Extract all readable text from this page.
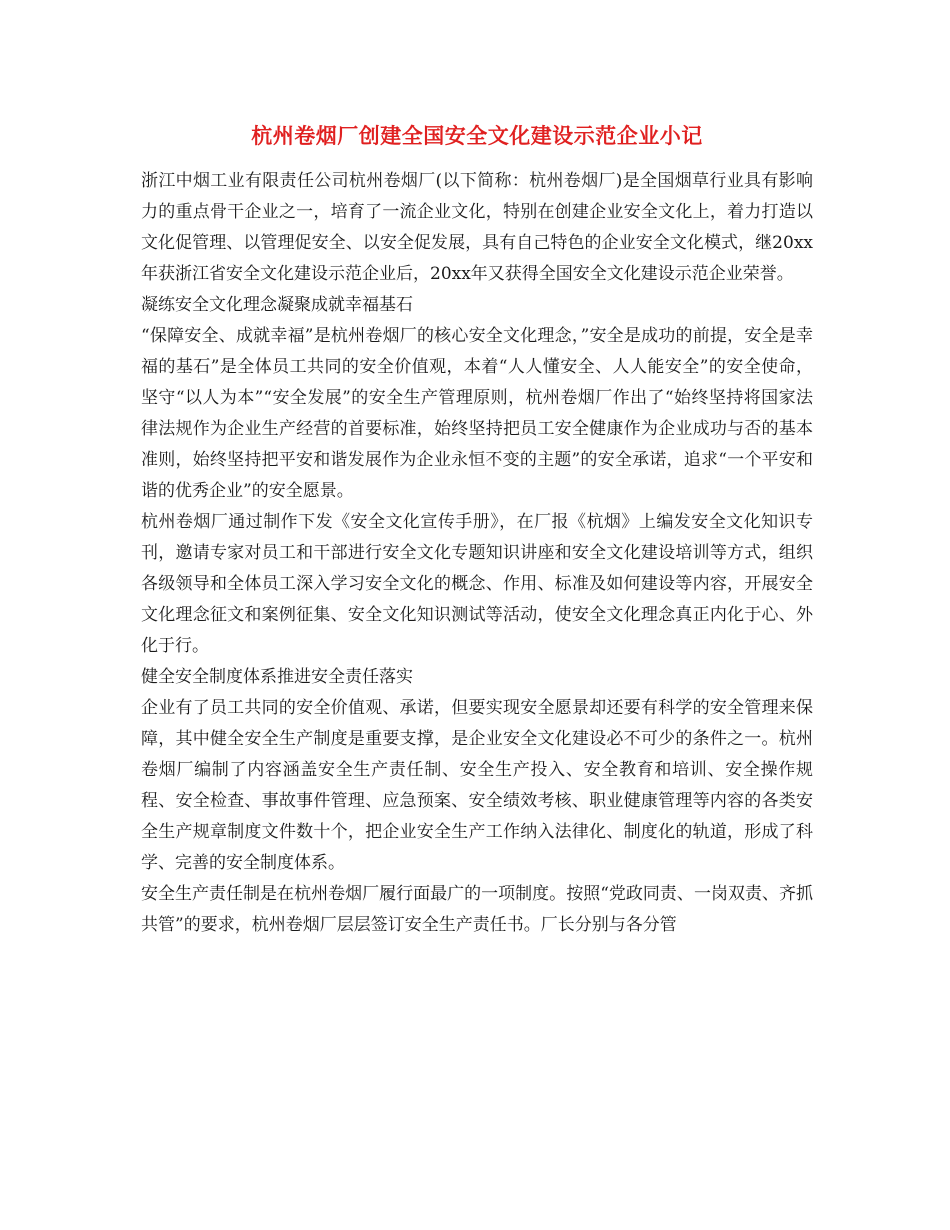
杭州卷烟厂创建全国安全文化建设示范企业小记

浙江中烟工业有限责任公司杭州卷烟厂(以下简称：杭州卷烟厂)是全国烟草行业具有影响力的重点骨干企业之一，培育了一流企业文化，特别在创建企业安全文化上，着力打造以文化促管理、以管理促安全、以安全促发展，具有自己特色的企业安全文化模式，继20xx年获浙江省安全文化建设示范企业后，20xx年又获得全国安全文化建设示范企业荣誉。

凝练安全文化理念凝聚成就幸福基石

“保障安全、成就幸福”是杭州卷烟厂的核心安全文化理念，”安全是成功的前提，安全是幸福的基石”是全体员工共同的安全价值观，本着“人人懂安全、人人能安全”的安全使命，坚守“以人为本”“安全发展”的安全生产管理原则，杭州卷烟厂作出了“始终坚持将国家法律法规作为企业生产经营的首要标准，始终坚持把员工安全健康作为企业成功与否的基本准则，始终坚持把平安和谐发展作为企业永恒不变的主题”的安全承诺，追求“一个平安和谐的优秀企业”的安全愿景。

杭州卷烟厂通过制作下发《安全文化宣传手册》，在厂报《杭烟》上编发安全文化知识专刊，邀请专家对员工和干部进行安全文化专题知识讲座和安全文化建设培训等方式，组织各级领导和全体员工深入学习安全文化的概念、作用、标准及如何建设等内容，开展安全文化理念征文和案例征集、安全文化知识测试等活动，使安全文化理念真正内化于心、外化于行。

健全安全制度体系推进安全责任落实

企业有了员工共同的安全价值观、承诺，但要实现安全愿景却还要有科学的安全管理来保障，其中健全安全生产制度是重要支撑，是企业安全文化建设必不可少的条件之一。杭州卷烟厂编制了内容涵盖安全生产责任制、安全生产投入、安全教育和培训、安全操作规程、安全检查、事故事件管理、应急预案、安全绩效考核、职业健康管理等内容的各类安全生产规章制度文件数十个，把企业安全生产工作纳入法律化、制度化的轨道，形成了科学、完善的安全制度体系。

安全生产责任制是在杭州卷烟厂履行面最广的一项制度。按照“党政同责、一岗双责、齐抓共管”的要求，杭州卷烟厂层层签订安全生产责任书。厂长分别与各分管
